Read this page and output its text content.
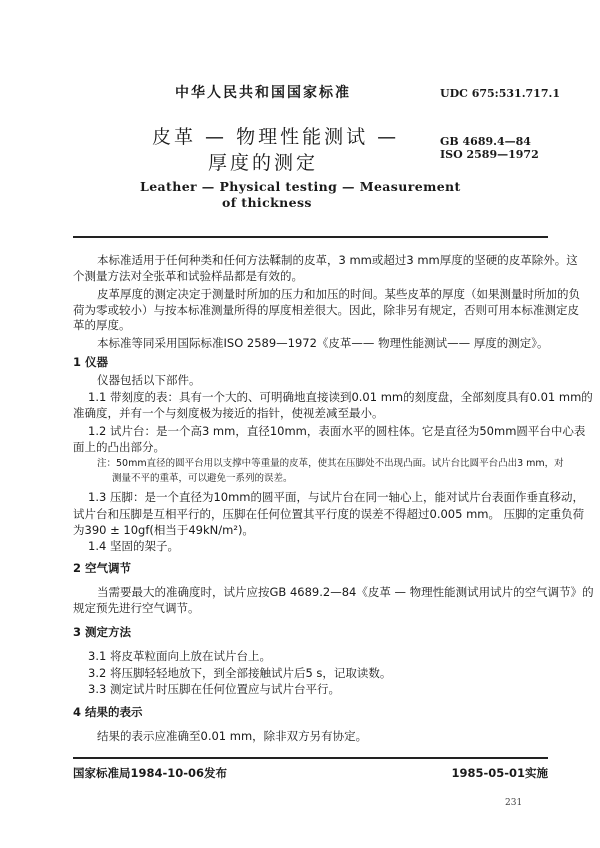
中华人民共和国国家标准	UDC 675:531.717.1
皮革 — 物理性能测试 —
厚度的测定
GB 4689.4—84
ISO 2589—1972
Leather — Physical testing — Measurement
of thickness
本标准适用于任何种类和任何方法鞣制的皮革，3 mm或超过3 mm厚度的坚硬的皮革除外。这
个测量方法对全张革和试验样品都是有效的。
皮革厚度的测定决定于测量时所加的压力和加压的时间。某些皮革的厚度（如果测量时所加的负
荷为零或较小）与按本标准测量所得的厚度相差很大。因此，除非另有规定，否则可用本标准测定皮
革的厚度。
本标准等同采用国际标准ISO 2589—1972《皮革—— 物理性能测试—— 厚度的测定》。
1 仪器
仪器包括以下部件。
1.1 带刻度的表：具有一个大的、可明确地直接读到0.01 mm的刻度盘，全部刻度具有0.01 mm的
准确度，并有一个与刻度极为接近的指针，使视差减至最小。
1.2 试片台：是一个高3 mm，直径10mm，表面水平的圆柱体。它是直径为50mm圆平台中心表
面上的凸出部分。
注：50mm直径的圆平台用以支撑中等重量的皮革，使其在压脚处不出现凸面。试片台比圆平台凸出3 mm，对
测量不平的重革，可以避免一系列的误差。
1.3 压脚：是一个直径为10mm的圆平面，与试片台在同一轴心上，能对试片台表面作垂直移动，
试片台和压脚是互相平行的，压脚在任何位置其平行度的误差不得超过0.005 mm。 压脚的定重负荷
为390 ± 10gf(相当于49kN/m²)。
1.4 坚固的架子。
2 空气调节
当需要最大的准确度时，试片应按GB 4689.2—84《皮革 — 物理性能测试用试片的空气调节》的
规定预先进行空气调节。
3 测定方法
3.1 将皮革粒面向上放在试片台上。
3.2 将压脚轻轻地放下，到全部接触试片后5 s，记取读数。
3.3 测定试片时压脚在任何位置应与试片台平行。
4 结果的表示
结果的表示应准确至0.01 mm，除非双方另有协定。
国家标准局1984-10-06发布	1985-05-01实施
231
